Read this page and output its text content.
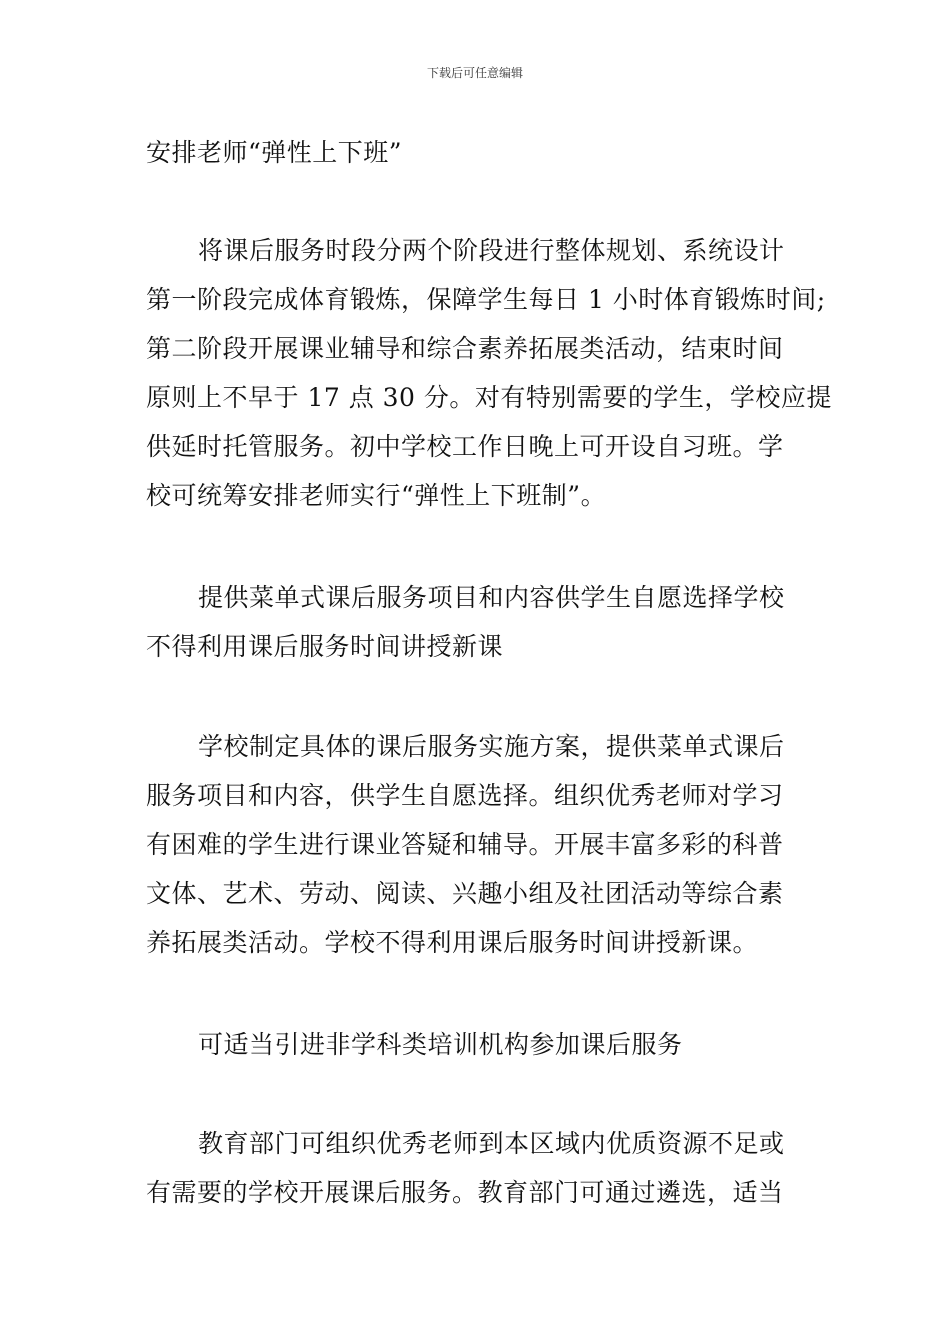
下载后可任意编辑

安排老师“弹性上下班”

将课后服务时段分两个阶段进行整体规划、系统设计
第一阶段完成体育锻炼，保障学生每日 1 小时体育锻炼时间;
第二阶段开展课业辅导和综合素养拓展类活动，结束时间
原则上不早于 17 点 30 分。对有特别需要的学生，学校应提
供延时托管服务。初中学校工作日晚上可开设自习班。学
校可统筹安排老师实行“弹性上下班制”。

提供菜单式课后服务项目和内容供学生自愿选择学校
不得利用课后服务时间讲授新课

学校制定具体的课后服务实施方案，提供菜单式课后
服务项目和内容，供学生自愿选择。组织优秀老师对学习
有困难的学生进行课业答疑和辅导。开展丰富多彩的科普
文体、艺术、劳动、阅读、兴趣小组及社团活动等综合素
养拓展类活动。学校不得利用课后服务时间讲授新课。

可适当引进非学科类培训机构参加课后服务

教育部门可组织优秀老师到本区域内优质资源不足或
有需要的学校开展课后服务。教育部门可通过遴选，适当
